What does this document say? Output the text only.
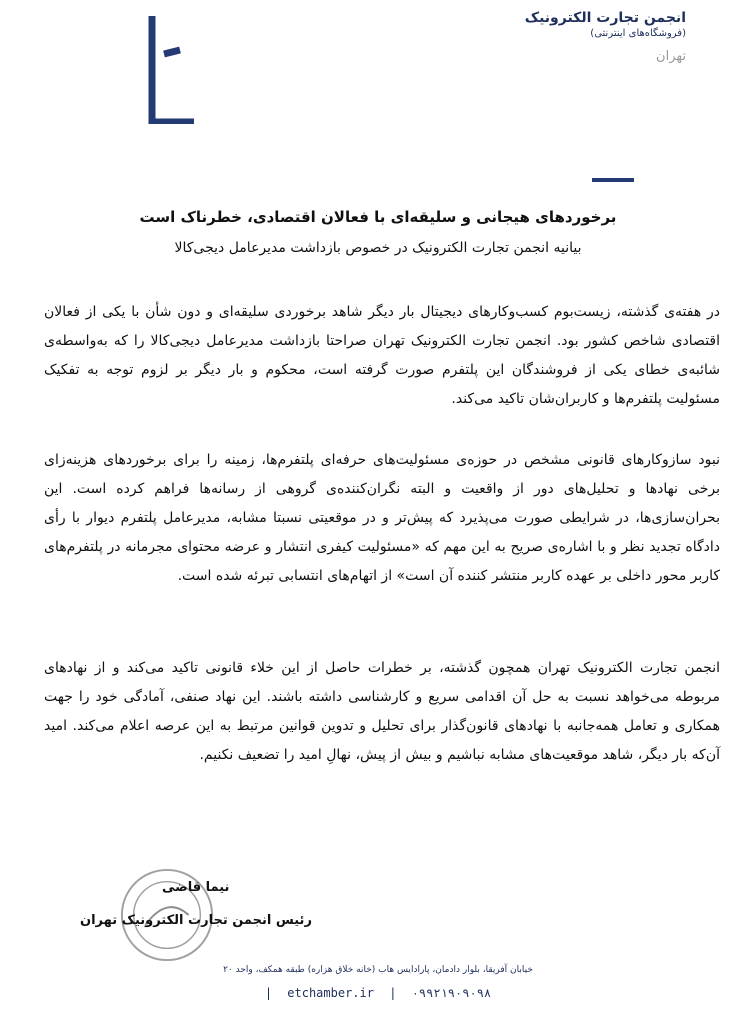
انجمن تجارت الکترونیک
(فروشگاه‌های اینترنتی)
تهران
برخوردهای هیجانی و سلیقه‌ای با فعالان اقتصادی، خطرناک است
بیانیه انجمن تجارت الکترونیک در خصوص بازداشت مدیرعامل دیجی‌کالا

در هفته‌ی گذشته، زیست‌بوم کسب‌وکارهای دیجیتال بار دیگر شاهد برخوردی سلیقه‌ای و دون شأن با یکی از فعالان اقتصادی شاخص کشور بود. انجمن تجارت الکترونیک تهران صراحتا بازداشت مدیرعامل دیجی‌کالا را که به‌واسطه‌ی شائبه‌ی خطای یکی از فروشندگان این پلتفرم صورت گرفته است، محکوم و بار دیگر بر لزوم توجه به تفکیک مسئولیت پلتفرم‌ها و کاربران‌شان تاکید می‌کند.

نبود سازوکارهای قانونی مشخص در حوزه‌ی مسئولیت‌های حرفه‌ای پلتفرم‌ها، زمینه را برای برخوردهای هزینه‌زای برخی نهادها و تحلیل‌های دور از واقعیت و البته نگران‌کننده‌ی گروهی از رسانه‌ها فراهم کرده است. این بحران‌سازی‌ها، در شرایطی صورت می‌پذیرد که پیش‌تر و در موقعیتی نسبتا مشابه، مدیرعامل پلتفرم دیوار با رأی دادگاه تجدید نظر و با اشاره‌ی صریح به این مهم که «مسئولیت کیفری انتشار و عرضه محتوای مجرمانه در پلتفرم‌های کاربر محور داخلی بر عهده کاربر منتشر کننده آن است» از اتهام‌های انتسابی تبرئه شده است.

انجمن تجارت الکترونیک تهران همچون گذشته، بر خطرات حاصل از این خلاء قانونی تاکید می‌کند و از نهادهای مربوطه می‌خواهد نسبت به حل آن اقدامی سریع و کارشناسی داشته باشند. این نهاد صنفی، آمادگی خود را جهت همکاری و تعامل همه‌جانبه با نهادهای قانون‌گذار برای تحلیل و تدوین قوانین مرتبط به این عرصه اعلام می‌کند. امید آن‌که بار دیگر، شاهد موقعیت‌های مشابه نباشیم و بیش از پیش، نهالِ امید را تضعیف نکنیم.

نیما قاضی
رئیس انجمن تجارت الکترونیک تهران
خیابان آفریقا، بلوار دادمان، پارادایس هاب (خانه خلاق هزاره) طبقه همکف، واحد ۲۰
| etchamber.ir | ۰۹۹۲۱۹۰۹۰۹۸
